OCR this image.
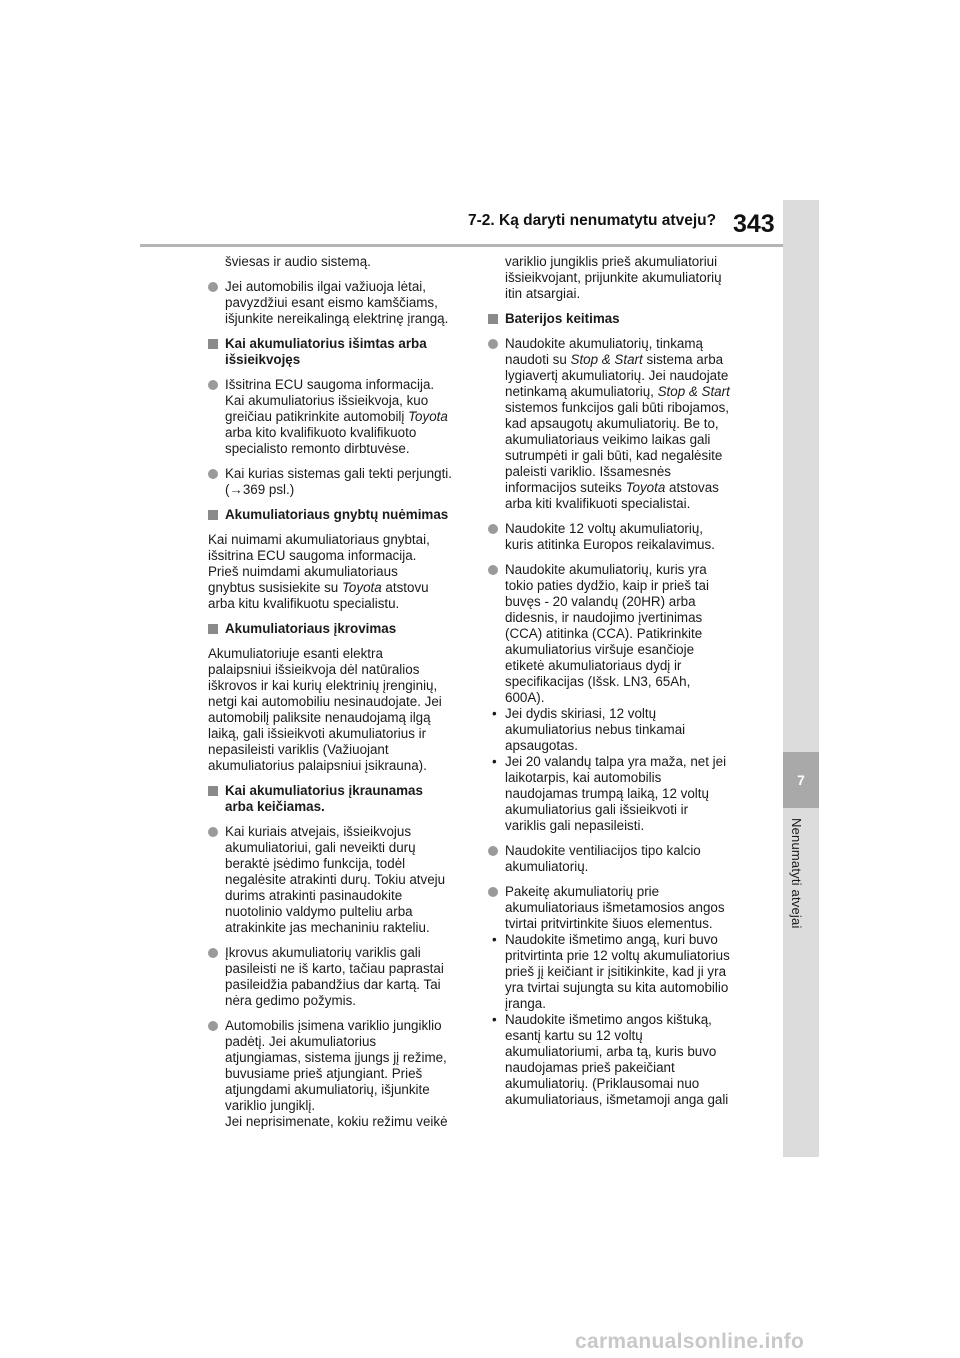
7-2. Ką daryti nenumatytu atveju? 343
7
Nenumatyti atvejai
šviesas ir audio sistemą.
Jei automobilis ilgai važiuoja lėtai,
pavyzdžiui esant eismo kamščiams,
išjunkite nereikalingą elektrinę įrangą.
Kai akumuliatorius išimtas arba
išsieikvojęs
Išsitrina ECU saugoma informacija.
Kai akumuliatorius išsieikvoja, kuo
greičiau patikrinkite automobilį Toyota
arba kito kvalifikuoto kvalifikuoto
specialisto remonto dirbtuvėse.
Kai kurias sistemas gali tekti perjungti.
(→369 psl.)
Akumuliatoriaus gnybtų nuėmimas
Kai nuimami akumuliatoriaus gnybtai,
išsitrina ECU saugoma informacija.
Prieš nuimdami akumuliatoriaus
gnybtus susisiekite su Toyota atstovu
arba kitu kvalifikuotu specialistu.
Akumuliatoriaus įkrovimas
Akumuliatoriuje esanti elektra
palaipsniui išsieikvoja dėl natūralios
iškrovos ir kai kurių elektrinių įrenginių,
netgi kai automobiliu nesinaudojate. Jei
automobilį paliksite nenaudojamą ilgą
laiką, gali išsieikvoti akumuliatorius ir
nepasileisti variklis (Važiuojant
akumuliatorius palaipsniui įsikrauna).
Kai akumuliatorius įkraunamas
arba keičiamas.
Kai kuriais atvejais, išsieikvojus
akumuliatoriui, gali neveikti durų
beraktė įsėdimo funkcija, todėl
negalėsite atrakinti durų. Tokiu atveju
durims atrakinti pasinaudokite
nuotolinio valdymo pulteliu arba
atrakinkite jas mechaniniu rakteliu.
Įkrovus akumuliatorių variklis gali
pasileisti ne iš karto, tačiau paprastai
pasileidžia pabandžius dar kartą. Tai
nėra gedimo požymis.
Automobilis įsimena variklio jungiklio
padėtį. Jei akumuliatorius
atjungiamas, sistema įjungs jį režime,
buvusiame prieš atjungiant. Prieš
atjungdami akumuliatorių, išjunkite
variklio jungiklį.
Jei neprisimenate, kokiu režimu veikė
variklio jungiklis prieš akumuliatoriui
išsieikvojant, prijunkite akumuliatorių
itin atsargiai.
Baterijos keitimas
Naudokite akumuliatorių, tinkamą
naudoti su Stop & Start sistema arba
lygiavertį akumuliatorių. Jei naudojate
netinkamą akumuliatorių, Stop & Start
sistemos funkcijos gali būti ribojamos,
kad apsaugotų akumuliatorių. Be to,
akumuliatoriaus veikimo laikas gali
sutrumpėti ir gali būti, kad negalėsite
paleisti variklio. Išsamesnės
informacijos suteiks Toyota atstovas
arba kiti kvalifikuoti specialistai.
Naudokite 12 voltų akumuliatorių,
kuris atitinka Europos reikalavimus.
Naudokite akumuliatorių, kuris yra
tokio paties dydžio, kaip ir prieš tai
buvęs - 20 valandų (20HR) arba
didesnis, ir naudojimo įvertinimas
(CCA) atitinka (CCA). Patikrinkite
akumuliatorius viršuje esančioje
etiketė akumuliatoriaus dydį ir
specifikacijas (Išsk. LN3, 65Ah,
600A).
• Jei dydis skiriasi, 12 voltų
akumuliatorius nebus tinkamai
apsaugotas.
• Jei 20 valandų talpa yra maža, net jei
laikotarpis, kai automobilis
naudojamas trumpą laiką, 12 voltų
akumuliatorius gali išsieikvoti ir
variklis gali nepasileisti.
Naudokite ventiliacijos tipo kalcio
akumuliatorių.
Pakeitę akumuliatorių prie
akumuliatoriaus išmetamosios angos
tvirtai pritvirtinkite šiuos elementus.
• Naudokite išmetimo angą, kuri buvo
pritvirtinta prie 12 voltų akumuliatorius
prieš jį keičiant ir įsitikinkite, kad ji yra
yra tvirtai sujungta su kita automobilio
įranga.
• Naudokite išmetimo angos kištuką,
esantį kartu su 12 voltų
akumuliatoriumi, arba tą, kuris buvo
naudojamas prieš pakeičiant
akumuliatorių. (Priklausomai nuo
akumuliatoriaus, išmetamoji anga gali
carmanualsonline.info
